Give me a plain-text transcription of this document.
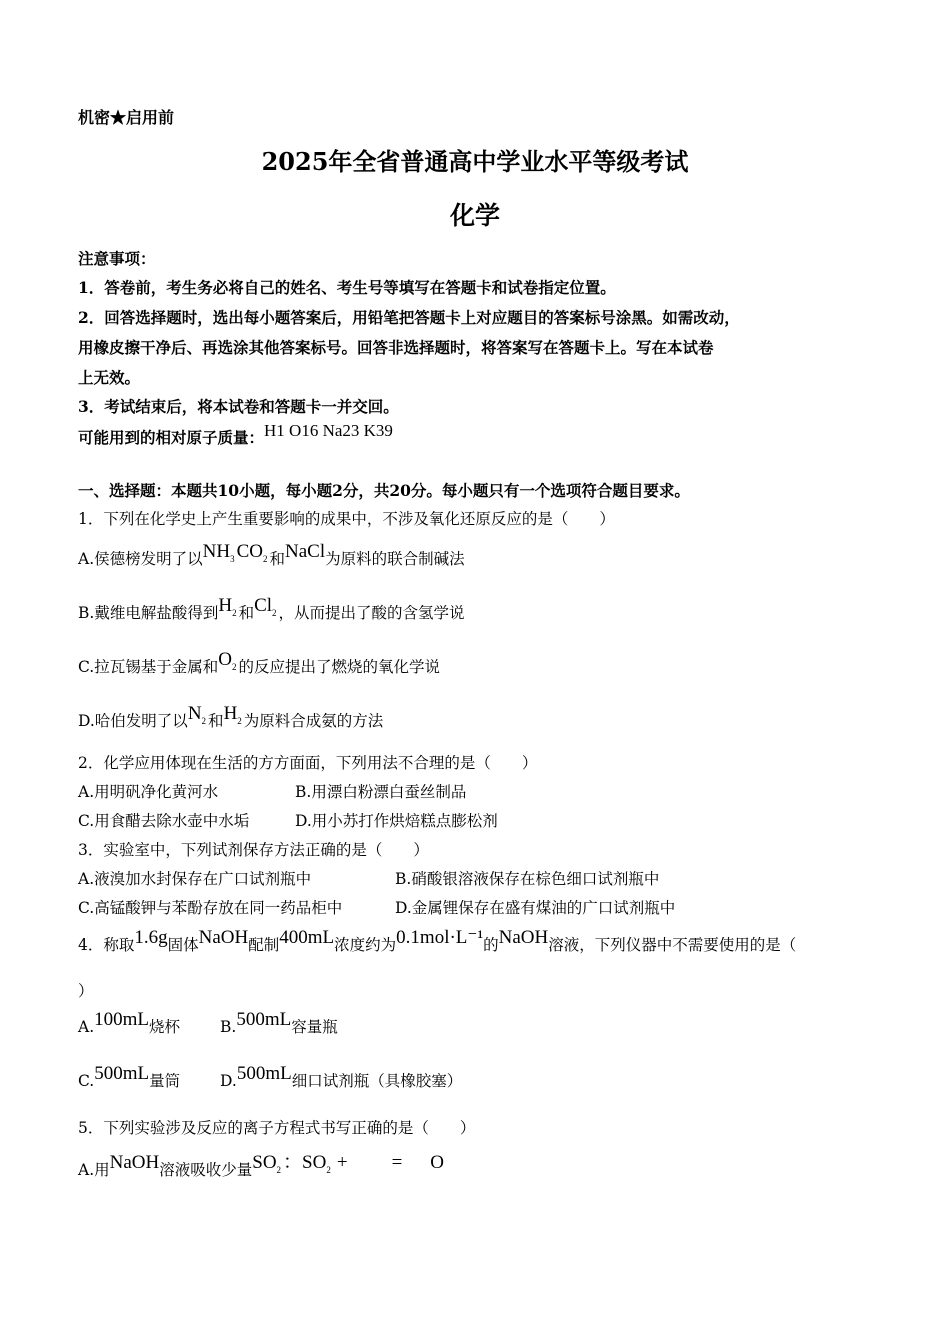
机密★启用前
2025年全省普通高中学业水平等级考试
化学
注意事项：
1．答卷前，考生务必将自己的姓名、考生号等填写在答题卡和试卷指定位置。
2．回答选择题时，选出每小题答案后，用铅笔把答题卡上对应题目的答案标号涂黑。如需改动，
用橡皮擦干净后、再选涂其他答案标号。回答非选择题时，将答案写在答题卡上。写在本试卷
上无效。
3．考试结束后，将本试卷和答题卡一并交回。
可能用到的相对原子质量：H1 O16 Na23 K39
一、选择题：本题共10小题，每小题2分，共20分。每小题只有一个选项符合题目要求。
1．下列在化学史上产生重要影响的成果中，不涉及氧化还原反应的是（　　）
A.侯德榜发明了以NH3 CO2 和NaCl为原料的联合制碱法
B.戴维电解盐酸得到H2 和Cl2 ，从而提出了酸的含氢学说
C.拉瓦锡基于金属和O2 的反应提出了燃烧的氧化学说
D.哈伯发明了以N2 和H2 为原料合成氨的方法
2．化学应用体现在生活的方方面面，下列用法不合理的是（　　）
A.用明矾净化黄河水	B.用漂白粉漂白蚕丝制品
C.用食醋去除水壶中水垢	D.用小苏打作烘焙糕点膨松剂
3．实验室中，下列试剂保存方法正确的是（　　）
A.液溴加水封保存在广口试剂瓶中	B.硝酸银溶液保存在棕色细口试剂瓶中
C.高锰酸钾与苯酚存放在同一药品柜中	D.金属锂保存在盛有煤油的广口试剂瓶中
4．称取1.6g固体NaOH配制400mL浓度约为0.1mol·L⁻¹的NaOH溶液，下列仪器中不需要使用的是（
）
A.100mL烧杯	B.500mL容量瓶
C.500mL量筒	D.500mL细口试剂瓶（具橡胶塞）
5．下列实验涉及反应的离子方程式书写正确的是（　　）
A.用NaOH溶液吸收少量SO2 ：SO2 + = O
